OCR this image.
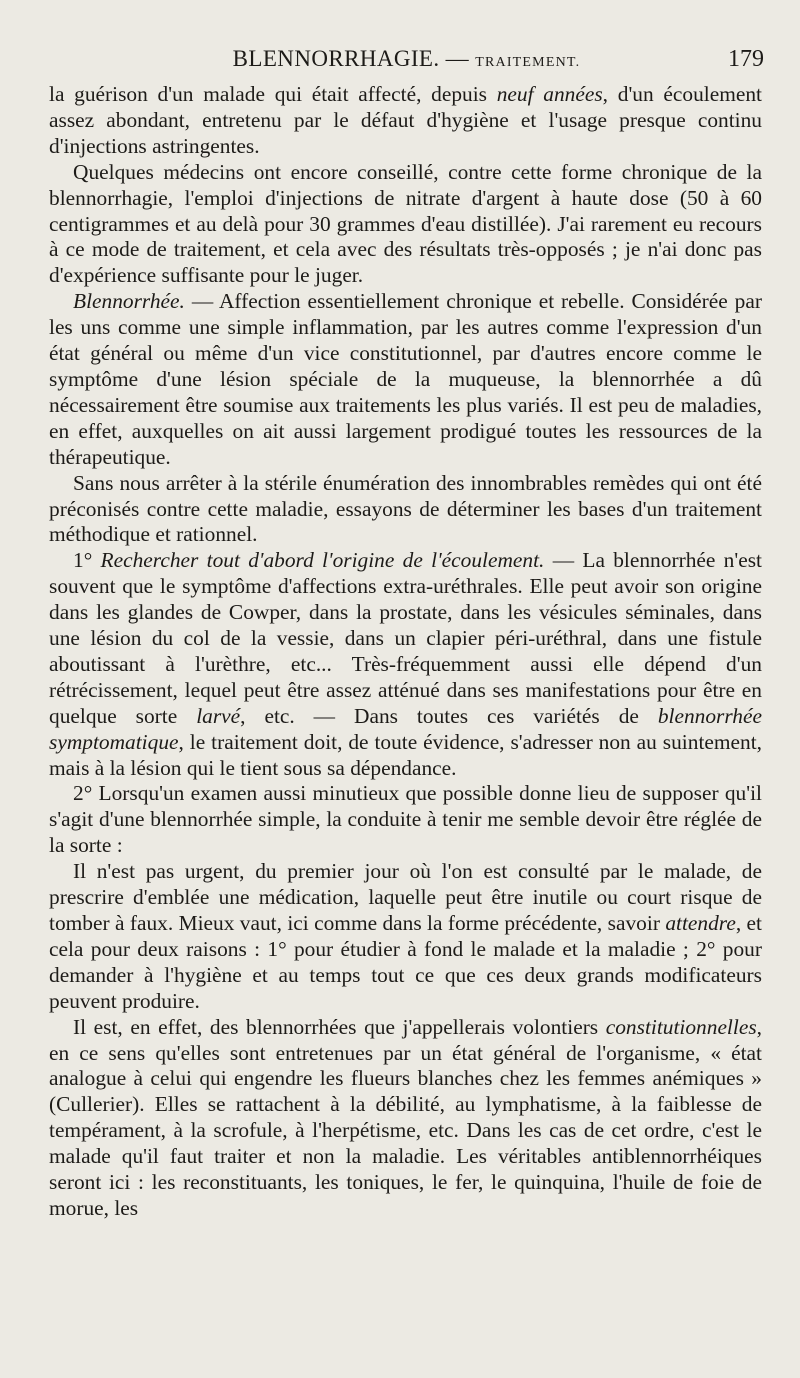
BLENNORRHAGIE. — TRAITEMENT.	179

la guérison d'un malade qui était affecté, depuis neuf années, d'un écoulement assez abondant, entretenu par le défaut d'hygiène et l'usage presque continu d'injections astringentes.

Quelques médecins ont encore conseillé, contre cette forme chronique de la blennorrhagie, l'emploi d'injections de nitrate d'argent à haute dose (50 à 60 centigrammes et au delà pour 30 grammes d'eau distillée). J'ai rarement eu recours à ce mode de traitement, et cela avec des résultats très-opposés ; je n'ai donc pas d'expérience suffisante pour le juger.

Blennorrhée. — Affection essentiellement chronique et rebelle. Considérée par les uns comme une simple inflammation, par les autres comme l'expression d'un état général ou même d'un vice constitutionnel, par d'autres encore comme le symptôme d'une lésion spéciale de la muqueuse, la blennorrhée a dû nécessairement être soumise aux traitements les plus variés. Il est peu de maladies, en effet, auxquelles on ait aussi largement prodigué toutes les ressources de la thérapeutique.

Sans nous arrêter à la stérile énumération des innombrables remèdes qui ont été préconisés contre cette maladie, essayons de déterminer les bases d'un traitement méthodique et rationnel.

1° Rechercher tout d'abord l'origine de l'écoulement. — La blennorrhée n'est souvent que le symptôme d'affections extra-uréthrales. Elle peut avoir son origine dans les glandes de Cowper, dans la prostate, dans les vésicules séminales, dans une lésion du col de la vessie, dans un clapier péri-uréthral, dans une fistule aboutissant à l'urèthre, etc... Très-fréquemment aussi elle dépend d'un rétrécissement, lequel peut être assez atténué dans ses manifestations pour être en quelque sorte larvé, etc. — Dans toutes ces variétés de blennorrhée symptomatique, le traitement doit, de toute évidence, s'adresser non au suintement, mais à la lésion qui le tient sous sa dépendance.

2° Lorsqu'un examen aussi minutieux que possible donne lieu de supposer qu'il s'agit d'une blennorrhée simple, la conduite à tenir me semble devoir être réglée de la sorte :

Il n'est pas urgent, du premier jour où l'on est consulté par le malade, de prescrire d'emblée une médication, laquelle peut être inutile ou court risque de tomber à faux. Mieux vaut, ici comme dans la forme précédente, savoir attendre, et cela pour deux raisons : 1° pour étudier à fond le malade et la maladie ; 2° pour demander à l'hygiène et au temps tout ce que ces deux grands modificateurs peuvent produire.

Il est, en effet, des blennorrhées que j'appellerais volontiers constitutionnelles, en ce sens qu'elles sont entretenues par un état général de l'organisme, « état analogue à celui qui engendre les flueurs blanches chez les femmes anémiques » (Cullerier). Elles se rattachent à la débilité, au lymphatisme, à la faiblesse de tempérament, à la scrofule, à l'herpétisme, etc. Dans les cas de cet ordre, c'est le malade qu'il faut traiter et non la maladie. Les véritables antiblennorrhéiques seront ici : les reconstituants, les toniques, le fer, le quinquina, l'huile de foie de morue, les
